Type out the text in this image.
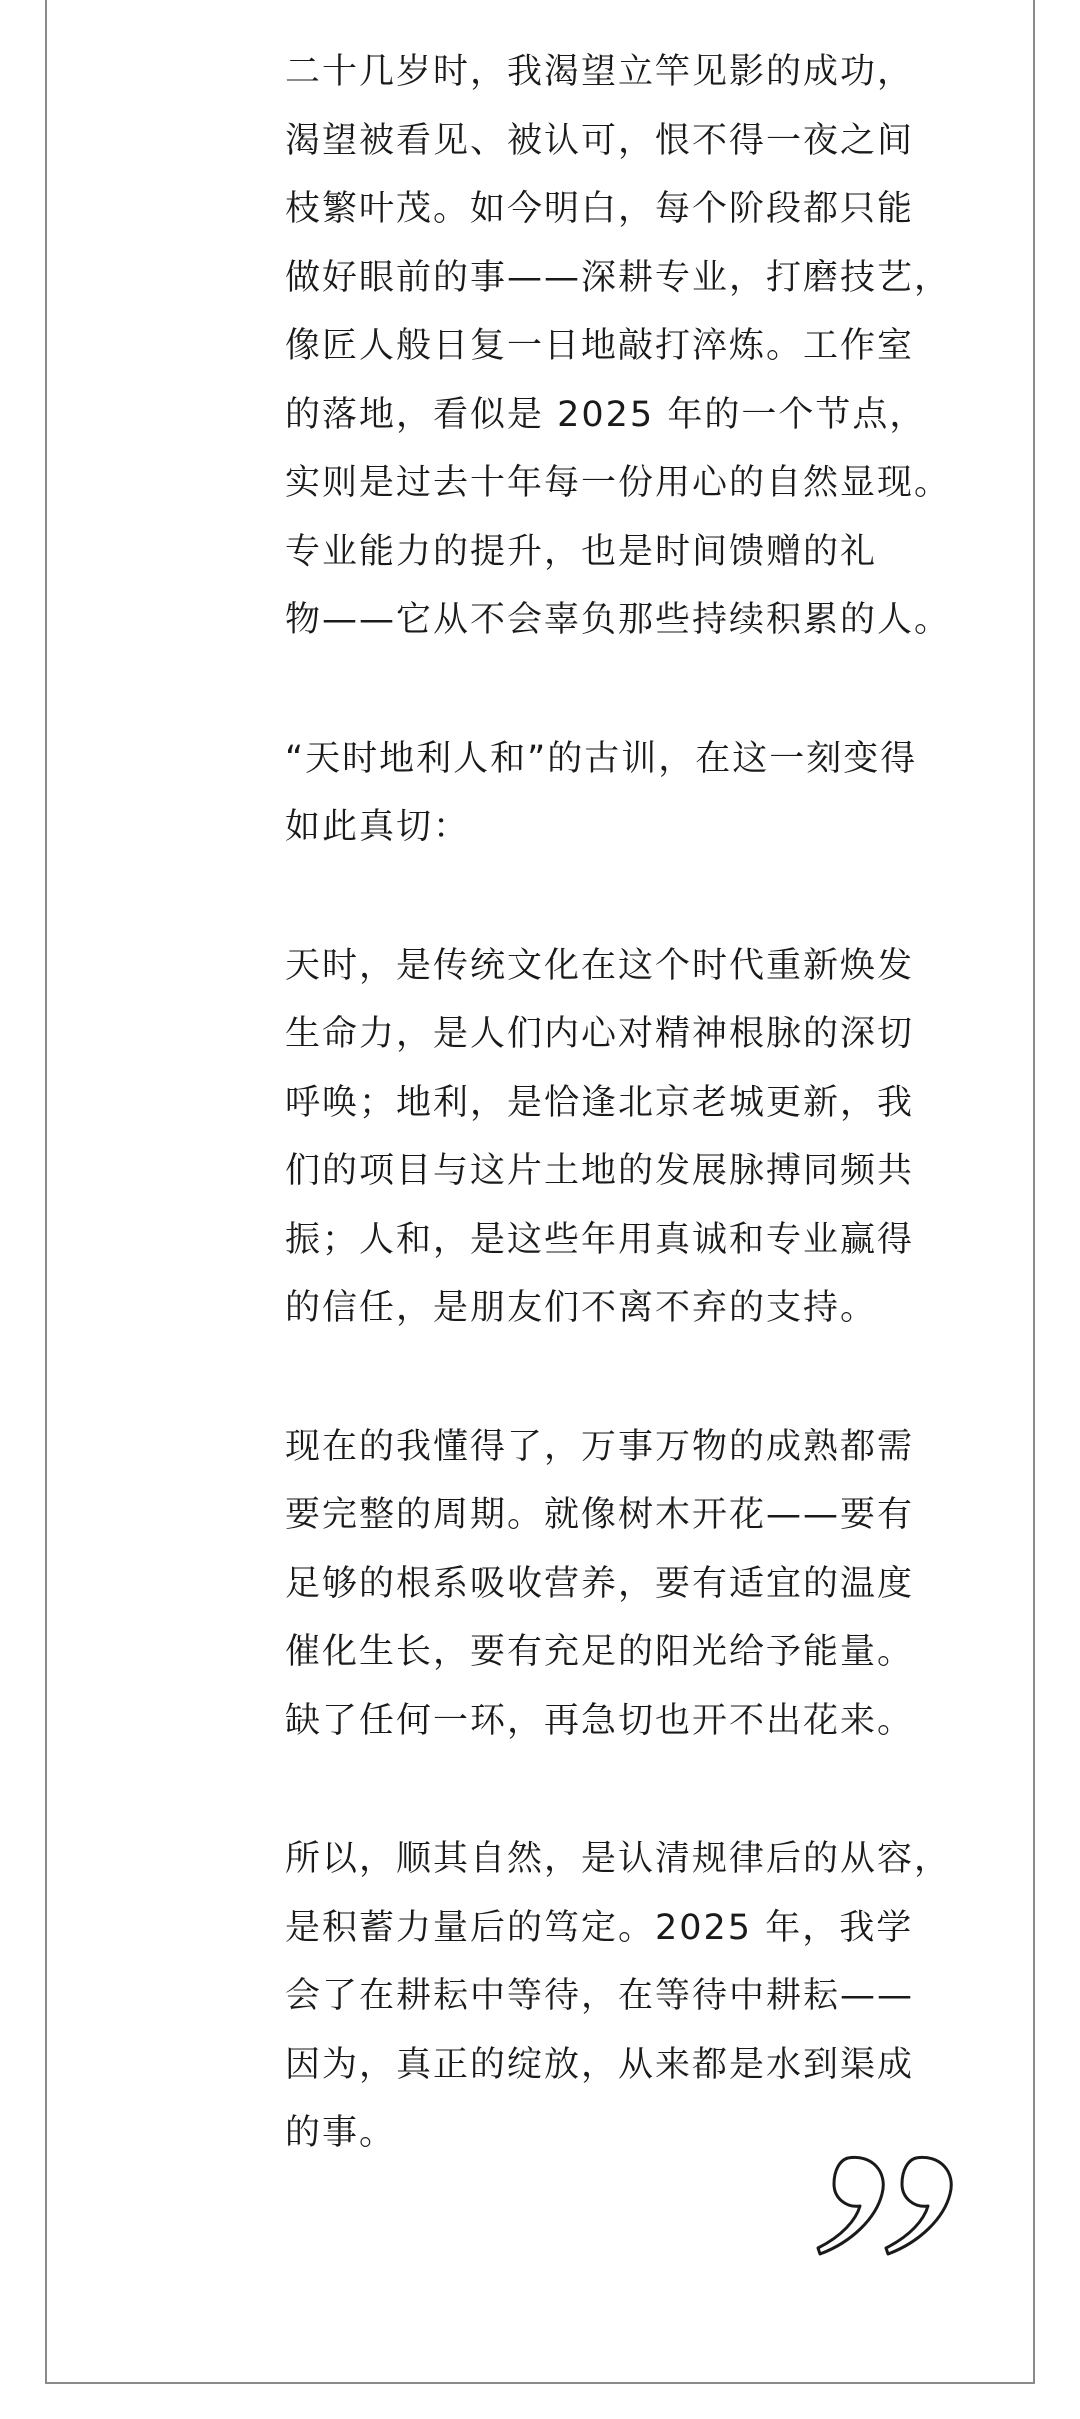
二十几岁时，我渴望立竿见影的成功，
渴望被看见、被认可，恨不得一夜之间
枝繁叶茂。如今明白，每个阶段都只能
做好眼前的事——深耕专业，打磨技艺，
像匠人般日复一日地敲打淬炼。工作室
的落地，看似是 2025 年的一个节点，
实则是过去十年每一份用心的自然显现。
专业能力的提升，也是时间馈赠的礼
物——它从不会辜负那些持续积累的人。
“天时地利人和”的古训，在这一刻变得
如此真切：
天时，是传统文化在这个时代重新焕发
生命力，是人们内心对精神根脉的深切
呼唤；地利，是恰逢北京老城更新，我
们的项目与这片土地的发展脉搏同频共
振；人和，是这些年用真诚和专业赢得
的信任，是朋友们不离不弃的支持。
现在的我懂得了，万事万物的成熟都需
要完整的周期。就像树木开花——要有
足够的根系吸收营养，要有适宜的温度
催化生长，要有充足的阳光给予能量。
缺了任何一环，再急切也开不出花来。
所以，顺其自然，是认清规律后的从容，
是积蓄力量后的笃定。2025 年，我学
会了在耕耘中等待，在等待中耕耘——
因为，真正的绽放，从来都是水到渠成
的事。
